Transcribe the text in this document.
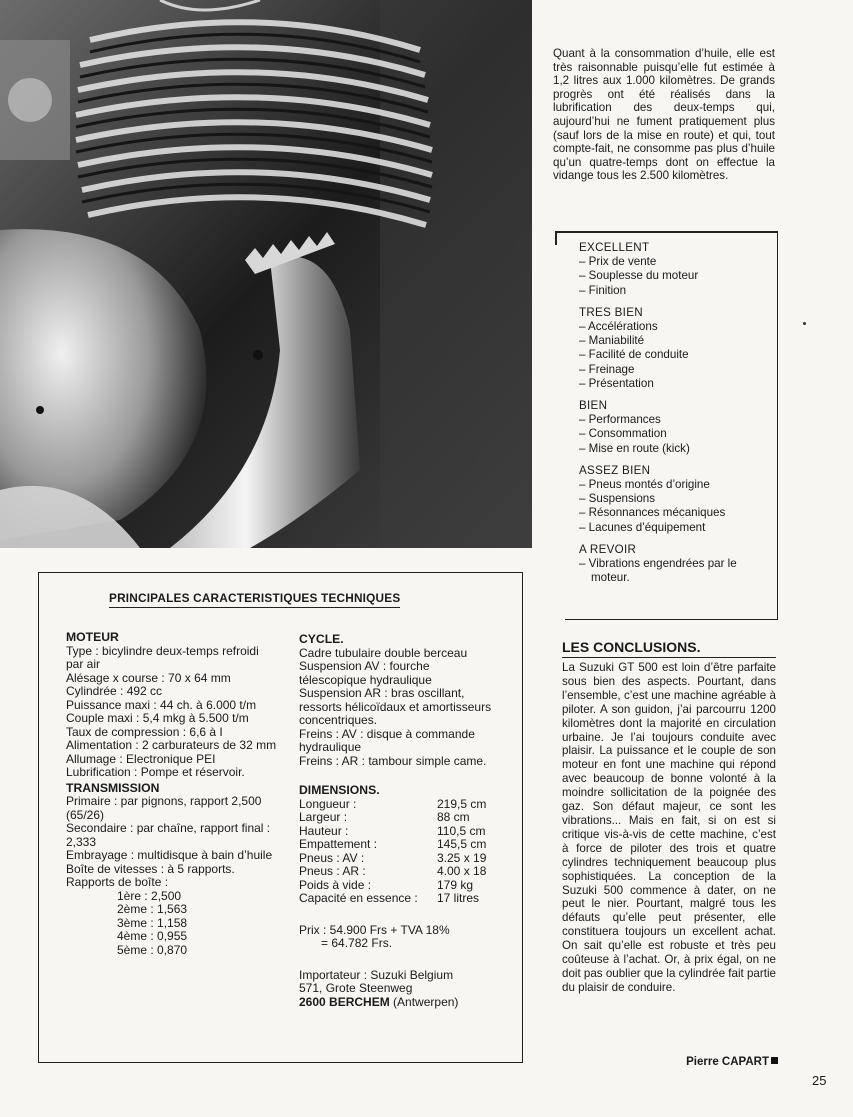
Quant à la consommation d’huile, elle est très raisonnable puisqu’elle fut estimée à 1,2 litres aux 1.000 kilomètres. De grands progrès ont été réalisés dans la lubrification des deux-temps qui, aujourd’hui ne fument pratiquement plus (sauf lors de la mise en route) et qui, tout compte-fait, ne consomme pas plus d’huile qu’un quatre-temps dont on effectue la vidange tous les 2.500 kilomètres.

EXCELLENT
– Prix de vente
– Souplesse du moteur
– Finition
TRES BIEN
– Accélérations
– Maniabilité
– Facilité de conduite
– Freinage
– Présentation
BIEN
– Performances
– Consommation
– Mise en route (kick)
ASSEZ BIEN
– Pneus montés d’origine
– Suspensions
– Résonnances mécaniques
– Lacunes d’équipement
A REVOIR
– Vibrations engendrées par le moteur.
LES CONCLUSIONS.

La Suzuki GT 500 est loin d’être parfaite sous bien des aspects. Pourtant, dans l’ensemble, c’est une machine agréable à piloter. A son guidon, j’ai parcourru 1200 kilomètres dont la majorité en circulation urbaine. Je l’ai toujours conduite avec plaisir. La puissance et le couple de son moteur en font une machine qui répond avec beaucoup de bonne volonté à la moindre sollicitation de la poignée des gaz. Son défaut majeur, ce sont les vibrations... Mais en fait, si on est si critique vis-à-vis de cette machine, c’est à force de piloter des trois et quatre cylindres techniquement beaucoup plus sophistiquées. La conception de la Suzuki 500 commence à dater, on ne peut le nier. Pourtant, malgré tous les défauts qu’elle peut présenter, elle constituera toujours un excellent achat. On sait qu’elle est robuste et très peu coûteuse à l’achat. Or, à prix égal, on ne doit pas oublier que la cylindrée fait partie du plaisir de conduire.

Pierre CAPART
25
PRINCIPALES CARACTERISTIQUES TECHNIQUES
MOTEUR

Type : bicylindre deux-temps refroidi par air

Alésage x course : 70 x 64 mm

Cylindrée : 492 cc

Puissance maxi : 44 ch. à 6.000 t/m

Couple maxi : 5,4 mkg à 5.500 t/m

Taux de compression : 6,6 à I

Alimentation : 2 carburateurs de 32 mm

Allumage : Electronique PEI

Lubrification : Pompe et réservoir.

TRANSMISSION

Primaire : par pignons, rapport 2,500 (65/26)

Secondaire : par chaîne, rapport final : 2,333

Embrayage : multidisque à bain d’huile

Boîte de vitesses : à 5 rapports.

Rapports de boîte :

1ère : 2,500

2ème : 1,563

3ème : 1,158

4ème : 0,955

5ème : 0,870

CYCLE.

Cadre tubulaire double berceau

Suspension AV : fourche télescopique hydraulique

Suspension AR : bras oscillant, ressorts hélicoïdaux et amortisseurs concentriques.

Freins : AV : disque à commande hydraulique

Freins : AR : tambour simple came.

DIMENSIONS.
Longueur :	219,5 cm
Largeur :	88 cm
Hauteur :	110,5 cm
Empattement :	145,5 cm
Pneus : AV :	3.25 x 19
Pneus : AR :	4.00 x 18
Poids à vide :	179 kg
Capacité en essence : 17 litres

Prix : 54.900 Frs + TVA 18%

= 64.782 Frs.

Importateur : Suzuki Belgium

571, Grote Steenweg

2600 BERCHEM (Antwerpen)
